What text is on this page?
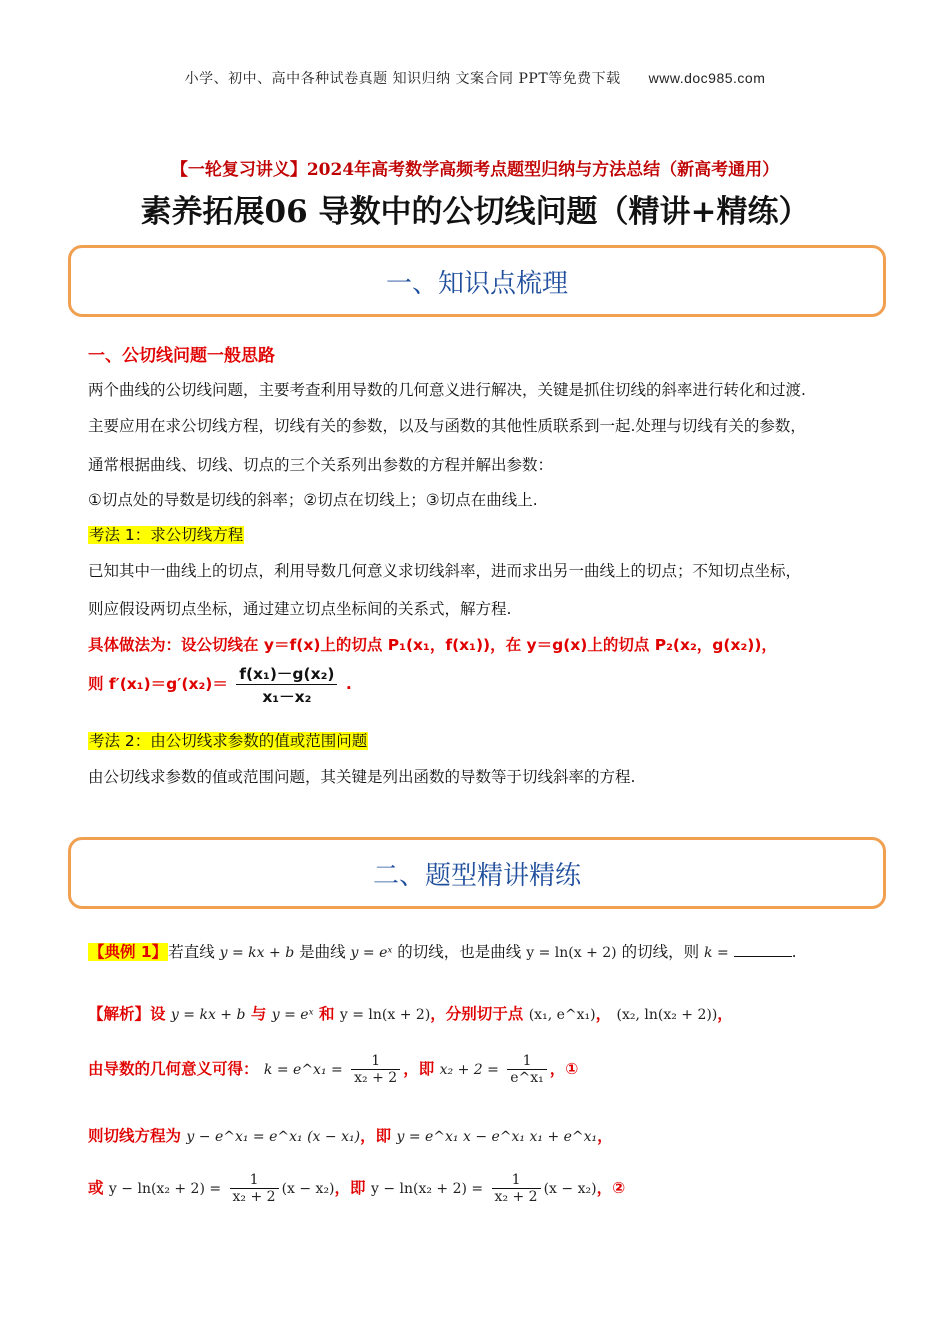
小学、初中、高中各种试卷真题 知识归纳 文案合同 PPT等免费下载 www.doc985.com
【一轮复习讲义】2024年高考数学高频考点题型归纳与方法总结（新高考通用）
素养拓展06 导数中的公切线问题（精讲+精练）
一、知识点梳理
一、公切线问题一般思路
两个曲线的公切线问题，主要考查利用导数的几何意义进行解决，关键是抓住切线的斜率进行转化和过渡.
主要应用在求公切线方程，切线有关的参数，以及与函数的其他性质联系到一起.处理与切线有关的参数，
通常根据曲线、切线、切点的三个关系列出参数的方程并解出参数：
①切点处的导数是切线的斜率；②切点在切线上；③切点在曲线上.
考法 1：求公切线方程
已知其中一曲线上的切点，利用导数几何意义求切线斜率，进而求出另一曲线上的切点；不知切点坐标，
则应假设两切点坐标，通过建立切点坐标间的关系式，解方程.
具体做法为：设公切线在 y＝f(x)上的切点 P₁(x₁，f(x₁))，在 y＝g(x)上的切点 P₂(x₂，g(x₂))，
则 $f'(x_1)=g'(x_2)= \frac{\text{f(x₁)－g(x₂)}}{\text{x₁－x₂}}$ .
考法 2：由公切线求参数的值或范围问题
由公切线求参数的值或范围问题，其关键是列出函数的导数等于切线斜率的方程.
二、题型精讲精练
【典例 1】若直线 y = kx + b 是曲线 y = eˣ 的切线，也是曲线 y = ln(x + 2) 的切线，则 k =	.
【解析】设 y = kx + b 与 y = eˣ 和 y = ln(x + 2)，分别切于点 (x₁, e^x₁)， (x₂, ln(x₂ + 2))，
由导数的几何意义可得： k = e^x₁ = $\frac{1}{\text{x₂ + 2}}$ ，即 $x_2 + 2 = \frac{1}{\text{e\textasciicircum{}x₁}}$ ，①
则切线方程为 y − e^x₁ = e^x₁ (x − x₁)，即 y = e^x₁ x − e^x₁ x₁ + e^x₁，
或 $y - \ln(x_2 + 2) = \frac{1}{\text{x₂ + 2}} (x - x_2)$，即 $y - \ln(x_2 + 2) = \frac{1}{\text{x₂ + 2}} (x - x_2)$，②
